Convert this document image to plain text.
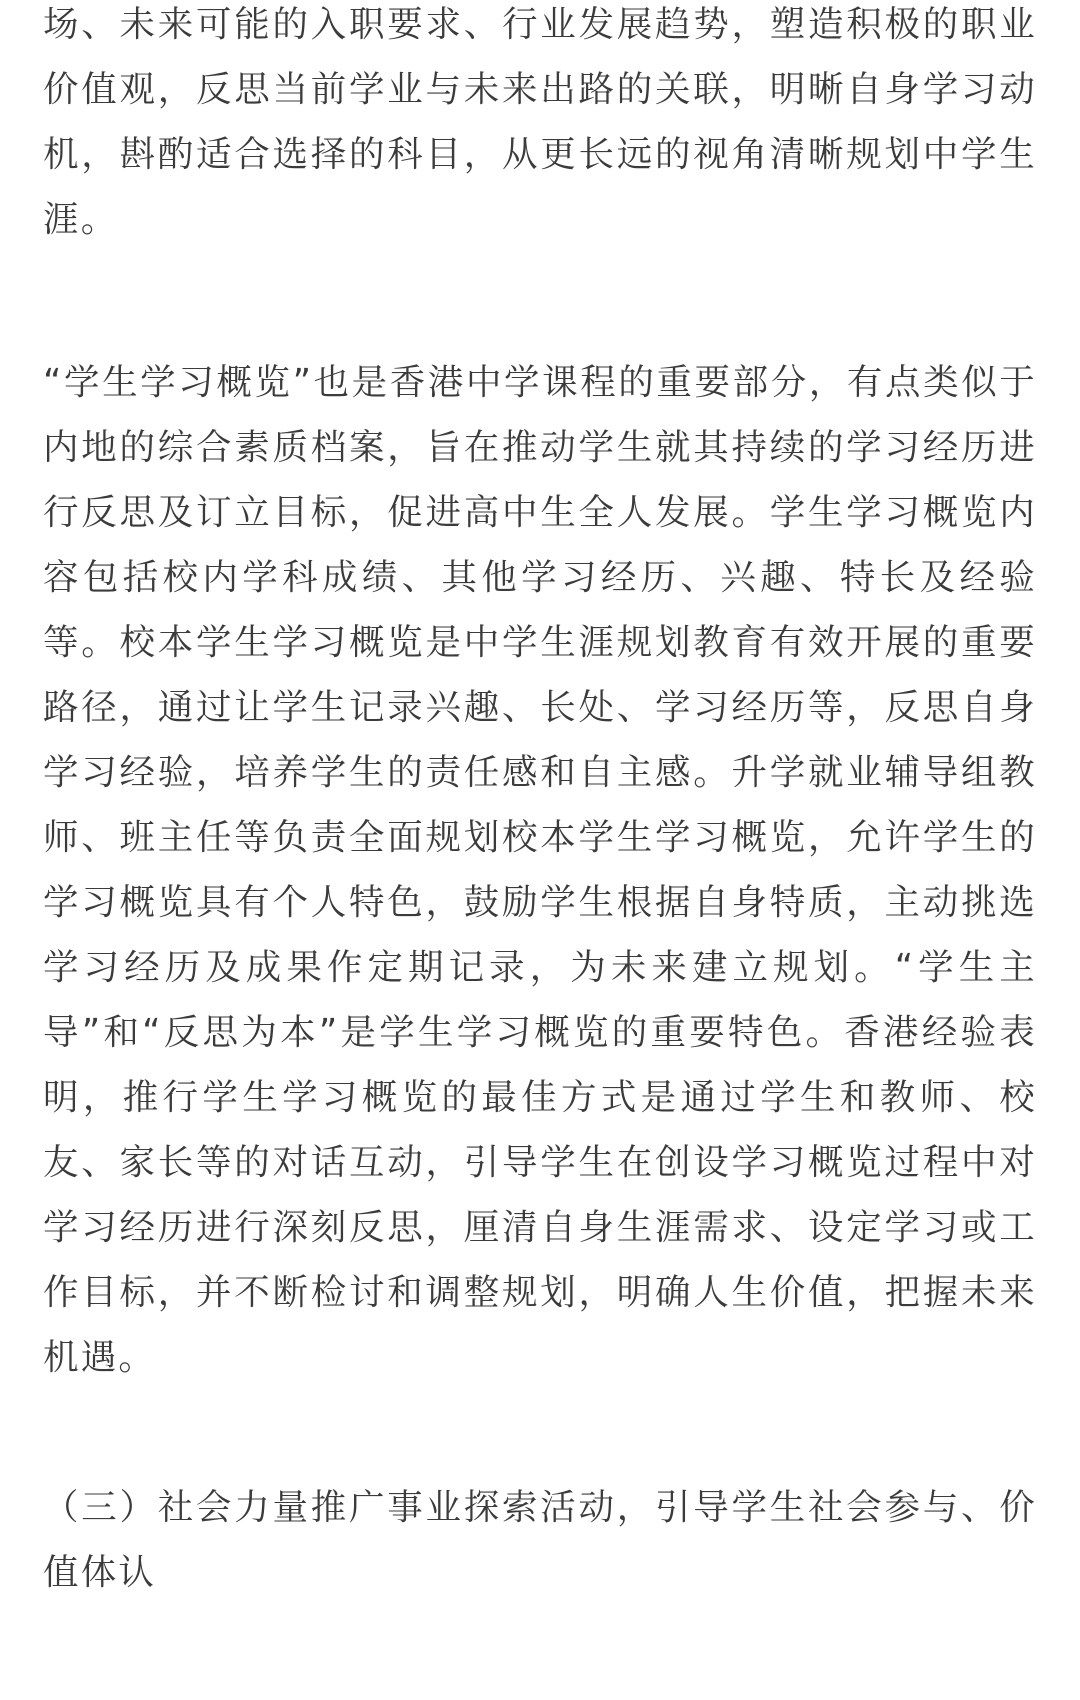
场、未来可能的入职要求、行业发展趋势，塑造积极的职业价值观，反思当前学业与未来出路的关联，明晰自身学习动机，斟酌适合选择的科目，从更长远的视角清晰规划中学生涯。

“学生学习概览”也是香港中学课程的重要部分，有点类似于内地的综合素质档案，旨在推动学生就其持续的学习经历进行反思及订立目标，促进高中生全人发展。学生学习概览内容包括校内学科成绩、其他学习经历、兴趣、特长及经验等。校本学生学习概览是中学生涯规划教育有效开展的重要路径，通过让学生记录兴趣、长处、学习经历等，反思自身学习经验，培养学生的责任感和自主感。升学就业辅导组教师、班主任等负责全面规划校本学生学习概览，允许学生的学习概览具有个人特色，鼓励学生根据自身特质，主动挑选学习经历及成果作定期记录，为未来建立规划。“学生主导”和“反思为本”是学生学习概览的重要特色。香港经验表明，推行学生学习概览的最佳方式是通过学生和教师、校友、家长等的对话互动，引导学生在创设学习概览过程中对学习经历进行深刻反思，厘清自身生涯需求、设定学习或工作目标，并不断检讨和调整规划，明确人生价值，把握未来机遇。

（三）社会力量推广事业探索活动，引导学生社会参与、价值体认
